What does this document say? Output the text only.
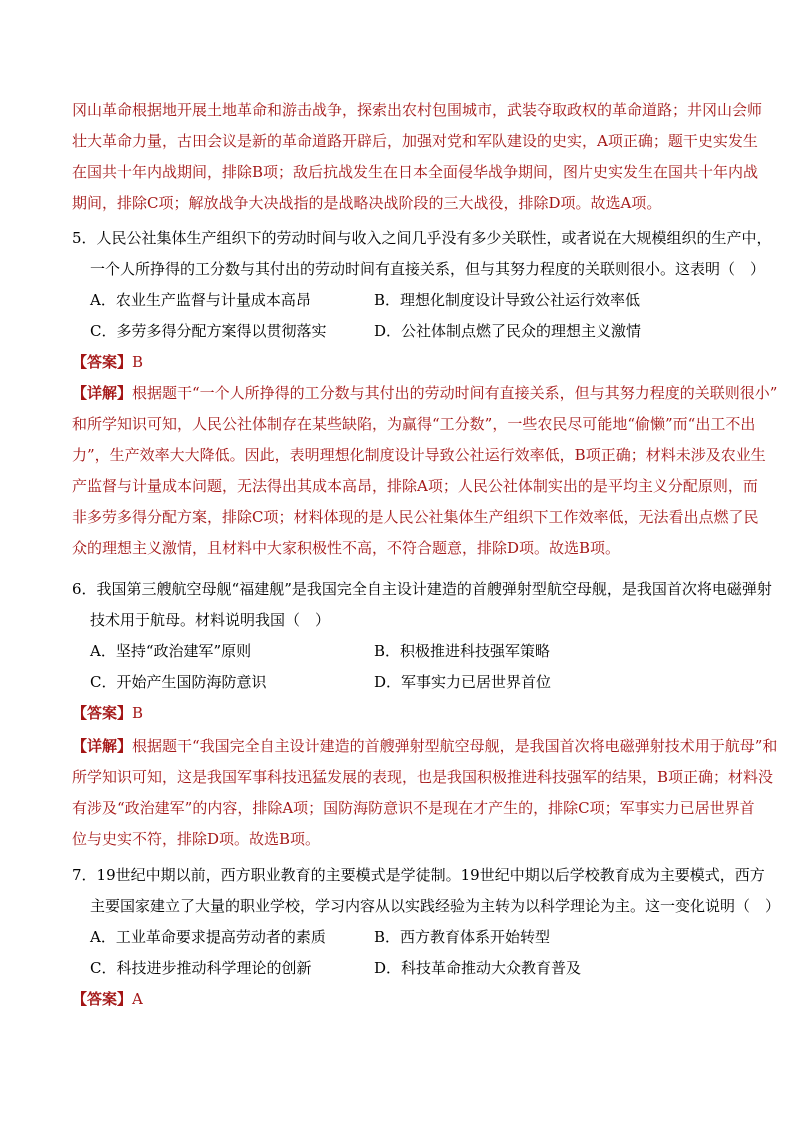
冈山革命根据地开展土地革命和游击战争，探索出农村包围城市，武装夺取政权的革命道路；井冈山会师
壮大革命力量，古田会议是新的革命道路开辟后，加强对党和军队建设的史实，A项正确；题干史实发生
在国共十年内战期间，排除B项；敌后抗战发生在日本全面侵华战争期间，图片史实发生在国共十年内战
期间，排除C项；解放战争大决战指的是战略决战阶段的三大战役，排除D项。故选A项。
5．人民公社集体生产组织下的劳动时间与收入之间几乎没有多少关联性，或者说在大规模组织的生产中，
一个人所挣得的工分数与其付出的劳动时间有直接关系，但与其努力程度的关联则很小。这表明（　）
A．农业生产监督与计量成本高昂	B．理想化制度设计导致公社运行效率低
C．多劳多得分配方案得以贯彻落实	D．公社体制点燃了民众的理想主义激情
【答案】B
【详解】根据题干“一个人所挣得的工分数与其付出的劳动时间有直接关系，但与其努力程度的关联则很小”
和所学知识可知，人民公社体制存在某些缺陷，为赢得“工分数”，一些农民尽可能地“偷懒”而“出工不出
力”，生产效率大大降低。因此，表明理想化制度设计导致公社运行效率低，B项正确；材料未涉及农业生
产监督与计量成本问题，无法得出其成本高昂，排除A项；人民公社体制实出的是平均主义分配原则，而
非多劳多得分配方案，排除C项；材料体现的是人民公社集体生产组织下工作效率低，无法看出点燃了民
众的理想主义激情，且材料中大家积极性不高，不符合题意，排除D项。故选B项。
6．我国第三艘航空母舰“福建舰”是我国完全自主设计建造的首艘弹射型航空母舰，是我国首次将电磁弹射
技术用于航母。材料说明我国（　）
A．坚持“政治建军”原则	B．积极推进科技强军策略
C．开始产生国防海防意识	D．军事实力已居世界首位
【答案】B
【详解】根据题干“我国完全自主设计建造的首艘弹射型航空母舰，是我国首次将电磁弹射技术用于航母”和
所学知识可知，这是我国军事科技迅猛发展的表现，也是我国积极推进科技强军的结果，B项正确；材料没
有涉及“政治建军”的内容，排除A项；国防海防意识不是现在才产生的，排除C项；军事实力已居世界首
位与史实不符，排除D项。故选B项。
7．19世纪中期以前，西方职业教育的主要模式是学徒制。19世纪中期以后学校教育成为主要模式，西方
主要国家建立了大量的职业学校，学习内容从以实践经验为主转为以科学理论为主。这一变化说明（　）
A．工业革命要求提高劳动者的素质	B．西方教育体系开始转型
C．科技进步推动科学理论的创新	D．科技革命推动大众教育普及
【答案】A
